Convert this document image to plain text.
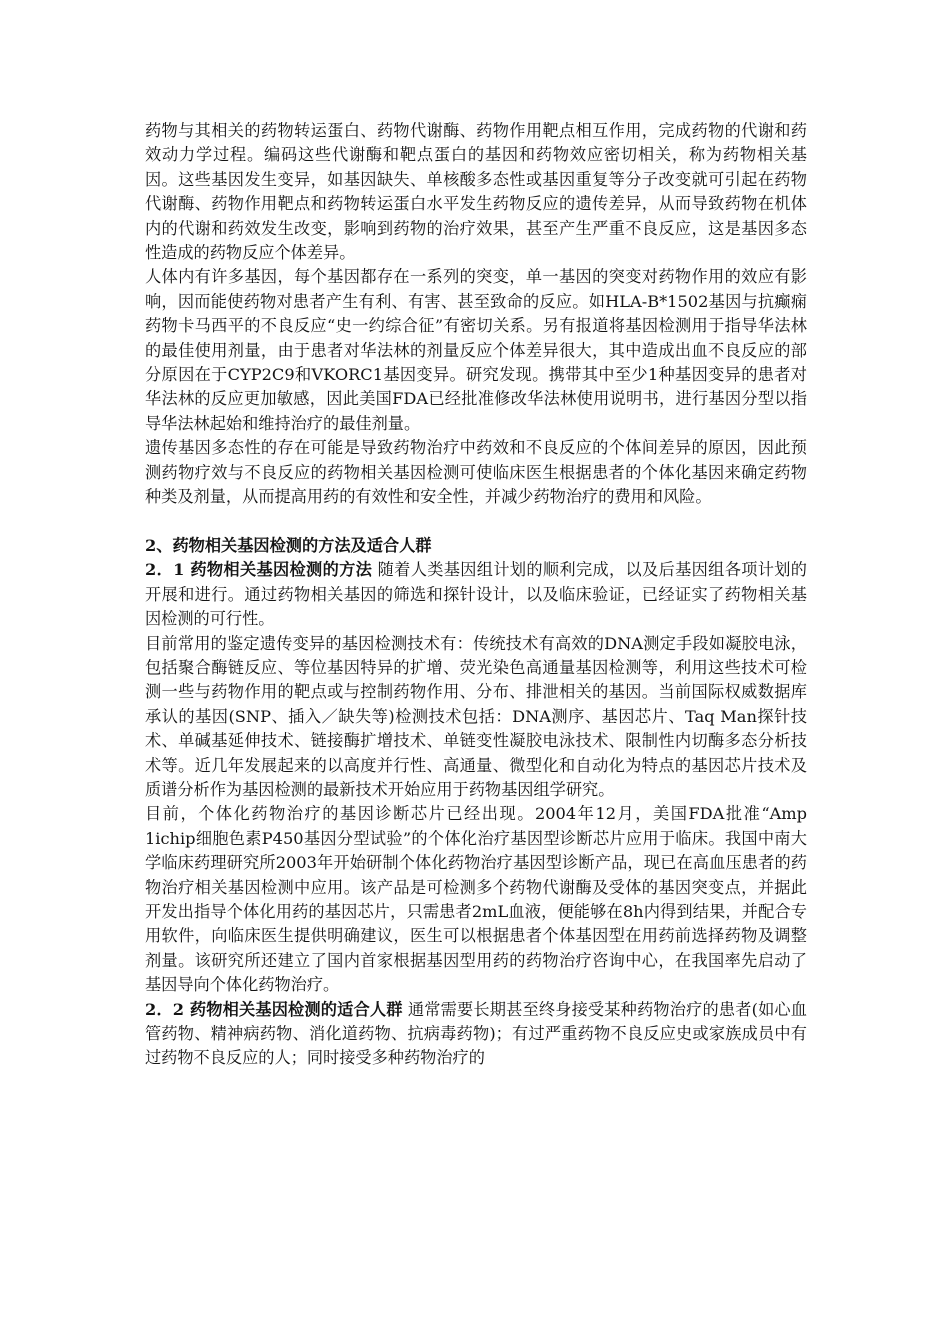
药物与其相关的药物转运蛋白、药物代谢酶、药物作用靶点相互作用，完成药物的代谢和药效动力学过程。编码这些代谢酶和靶点蛋白的基因和药物效应密切相关，称为药物相关基因。这些基因发生变异，如基因缺失、单核酸多态性或基因重复等分子改变就可引起在药物代谢酶、药物作用靶点和药物转运蛋白水平发生药物反应的遗传差异，从而导致药物在机体内的代谢和药效发生改变，影响到药物的治疗效果，甚至产生严重不良反应，这是基因多态性造成的药物反应个体差异。

人体内有许多基因，每个基因都存在一系列的突变，单一基因的突变对药物作用的效应有影响，因而能使药物对患者产生有利、有害、甚至致命的反应。如HLA-B*1502基因与抗癫痫药物卡马西平的不良反应“史一约综合征”有密切关系。另有报道将基因检测用于指导华法林的最佳使用剂量，由于患者对华法林的剂量反应个体差异很大，其中造成出血不良反应的部分原因在于CYP2C9和VKORC1基因变异。研究发现。携带其中至少1种基因变异的患者对华法林的反应更加敏感，因此美国FDA已经批准修改华法林使用说明书，进行基因分型以指导华法林起始和维持治疗的最佳剂量。

遗传基因多态性的存在可能是导致药物治疗中药效和不良反应的个体间差异的原因，因此预测药物疗效与不良反应的药物相关基因检测可使临床医生根据患者的个体化基因来确定药物种类及剂量，从而提高用药的有效性和安全性，并减少药物治疗的费用和风险。

2、药物相关基因检测的方法及适合人群

2．1 药物相关基因检测的方法 随着人类基因组计划的顺利完成，以及后基因组各项计划的开展和进行。通过药物相关基因的筛选和探针设计，以及临床验证，已经证实了药物相关基因检测的可行性。

目前常用的鉴定遗传变异的基因检测技术有：传统技术有高效的DNA测定手段如凝胶电泳，包括聚合酶链反应、等位基因特异的扩增、荧光染色高通量基因检测等，利用这些技术可检测一些与药物作用的靶点或与控制药物作用、分布、排泄相关的基因。当前国际权威数据库承认的基因(SNP、插入／缺失等)检测技术包括：DNA测序、基因芯片、Taq Man探针技术、单碱基延伸技术、链接酶扩增技术、单链变性凝胶电泳技术、限制性内切酶多态分析技术等。近几年发展起来的以高度并行性、高通量、微型化和自动化为特点的基因芯片技术及质谱分析作为基因检测的最新技术开始应用于药物基因组学研究。

目前，个体化药物治疗的基因诊断芯片已经出现。2004年12月，美国FDA批准“Amp 1ichip细胞色素P450基因分型试验”的个体化治疗基因型诊断芯片应用于临床。我国中南大学临床药理研究所2003年开始研制个体化药物治疗基因型诊断产品，现已在高血压患者的药物治疗相关基因检测中应用。该产品是可检测多个药物代谢酶及受体的基因突变点，并据此开发出指导个体化用药的基因芯片，只需患者2mL血液，便能够在8h内得到结果，并配合专用软件，向临床医生提供明确建议，医生可以根据患者个体基因型在用药前选择药物及调整剂量。该研究所还建立了国内首家根据基因型用药的药物治疗咨询中心，在我国率先启动了基因导向个体化药物治疗。

2．2 药物相关基因检测的适合人群 通常需要长期甚至终身接受某种药物治疗的患者(如心血管药物、精神病药物、消化道药物、抗病毒药物)；有过严重药物不良反应史或家族成员中有过药物不良反应的人；同时接受多种药物治疗的
